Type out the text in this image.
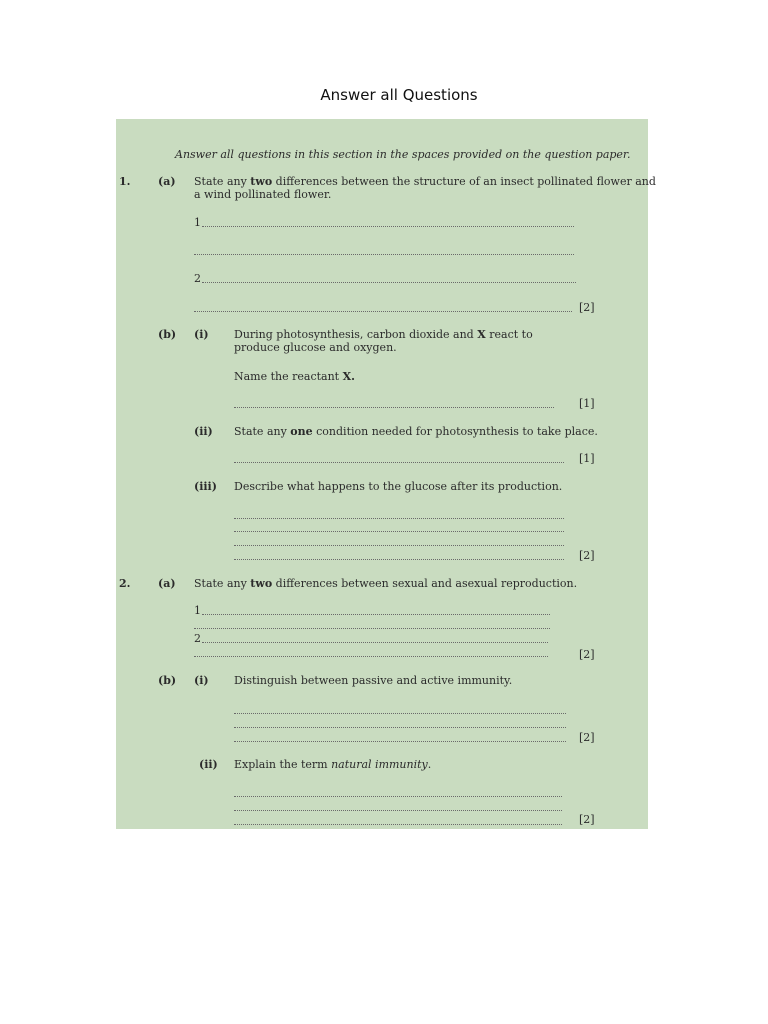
Answer all Questions
Answer all questions in this section in the spaces provided on the question paper.
1.	(a) State any two differences between the structure of an insect pollinated flower and
a wind pollinated flower.
1
2
[2]
(b) (i) During photosynthesis, carbon dioxide and X react to
produce glucose and oxygen.
Name the reactant X.
[1]
(ii) State any one condition needed for photosynthesis to take place.
[1]
(iii) Describe what happens to the glucose after its production.
[2]
2.	(a) State any two differences between sexual and asexual reproduction.
1
2
[2]
(b) (i) Distinguish between passive and active immunity.
[2]
(ii) Explain the term natural immunity.
[2]
